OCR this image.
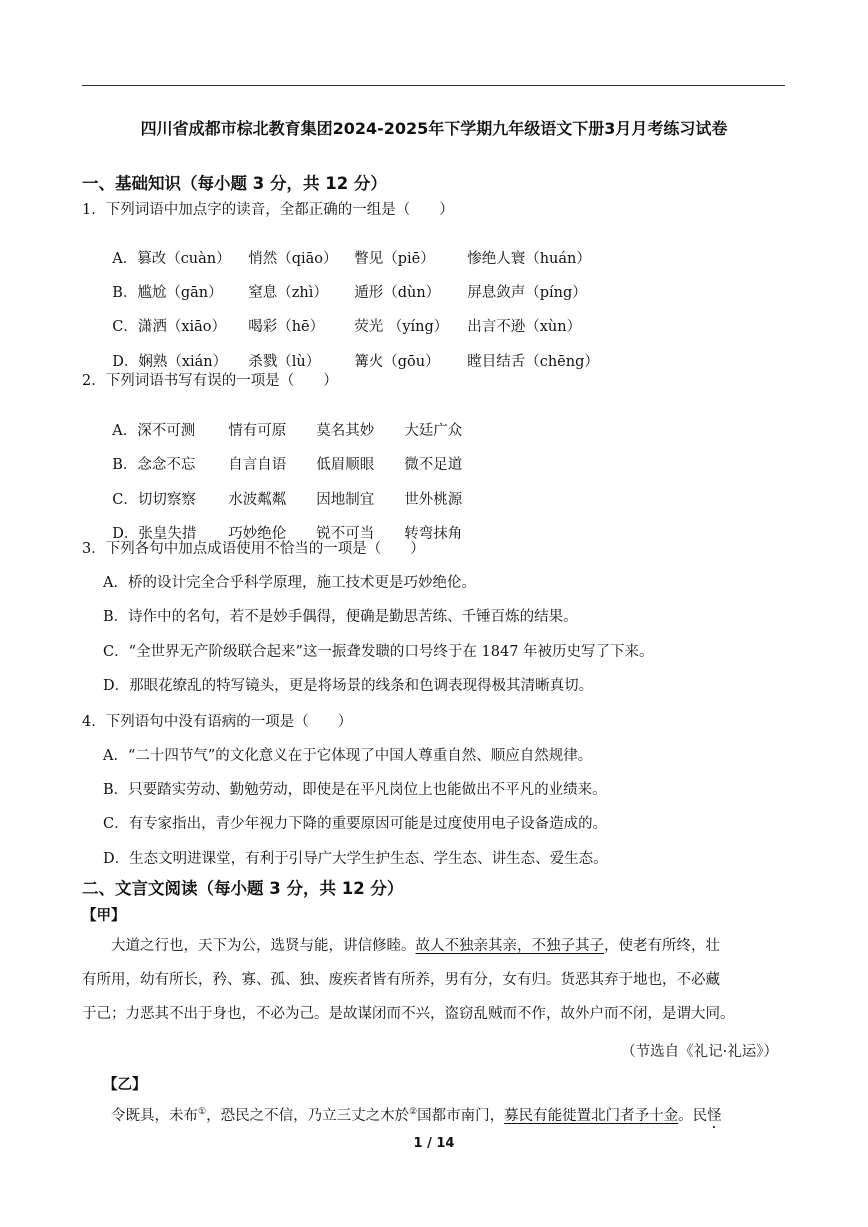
四川省成都市棕北教育集团2024-2025年下学期九年级语文下册3月月考练习试卷
一、基础知识（每小题 3 分，共 12 分）
1．下列词语中加点字的读音，全都正确的一组是（　　）

A．篡改（cuàn） 悄然（qiāo） 瞥见（piē） 惨绝人寰（huán）

B．尴尬（gān） 窒息（zhì） 遁形（dùn） 屏息敛声（píng）

C．潇洒（xiāo） 喝彩（hē） 荧光 （yíng） 出言不逊（xùn）

D．娴熟（xián） 杀戮（lù） 篝火（gōu） 瞠目结舌（chēng）

2．下列词语书写有误的一项是（　　）

A．深不可测 情有可原 莫名其妙 大廷广众

B．念念不忘 自言自语 低眉顺眼 微不足道

C．切切察察 水波粼粼 因地制宜 世外桃源

D．张皇失措 巧妙绝伦 锐不可当 转弯抹角

3．下列各句中加点成语使用不恰当的一项是（　　）
A．桥的设计完全合乎科学原理，施工技术更是巧妙绝伦。
B．诗作中的名句，若不是妙手偶得，便确是勤思苦练、千锤百炼的结果。
C．“全世界无产阶级联合起来”这一振聋发聩的口号终于在 1847 年被历史写了下来。
D．那眼花缭乱的特写镜头，更是将场景的线条和色调表现得极其清晰真切。
4．下列语句中没有语病的一项是（　　）
A．“二十四节气”的文化意义在于它体现了中国人尊重自然、顺应自然规律。
B．只要踏实劳动、勤勉劳动，即使是在平凡岗位上也能做出不平凡的业绩来。
C．有专家指出，青少年视力下降的重要原因可能是过度使用电子设备造成的。
D．生态文明进课堂，有利于引导广大学生护生态、学生态、讲生态、爱生态。
二、文言文阅读（每小题 3 分，共 12 分）
【甲】
　　大道之行也，天下为公，选贤与能，讲信修睦。故人不独亲其亲，不独子其子，使老有所终，壮
有所用，幼有所长，矜、寡、孤、独、废疾者皆有所养，男有分，女有归。货恶其弃于地也，不必藏
于己；力恶其不出于身也，不必为己。是故谋闭而不兴，盗窃乱贼而不作，故外户而不闭，是谓大同。
（节选自《礼记·礼运》）
【乙】
　　令既具，未布①，恐民之不信，乃立三丈之木於②国都市南门，募民有能徙置北门者予十金。民怪
1 / 14
